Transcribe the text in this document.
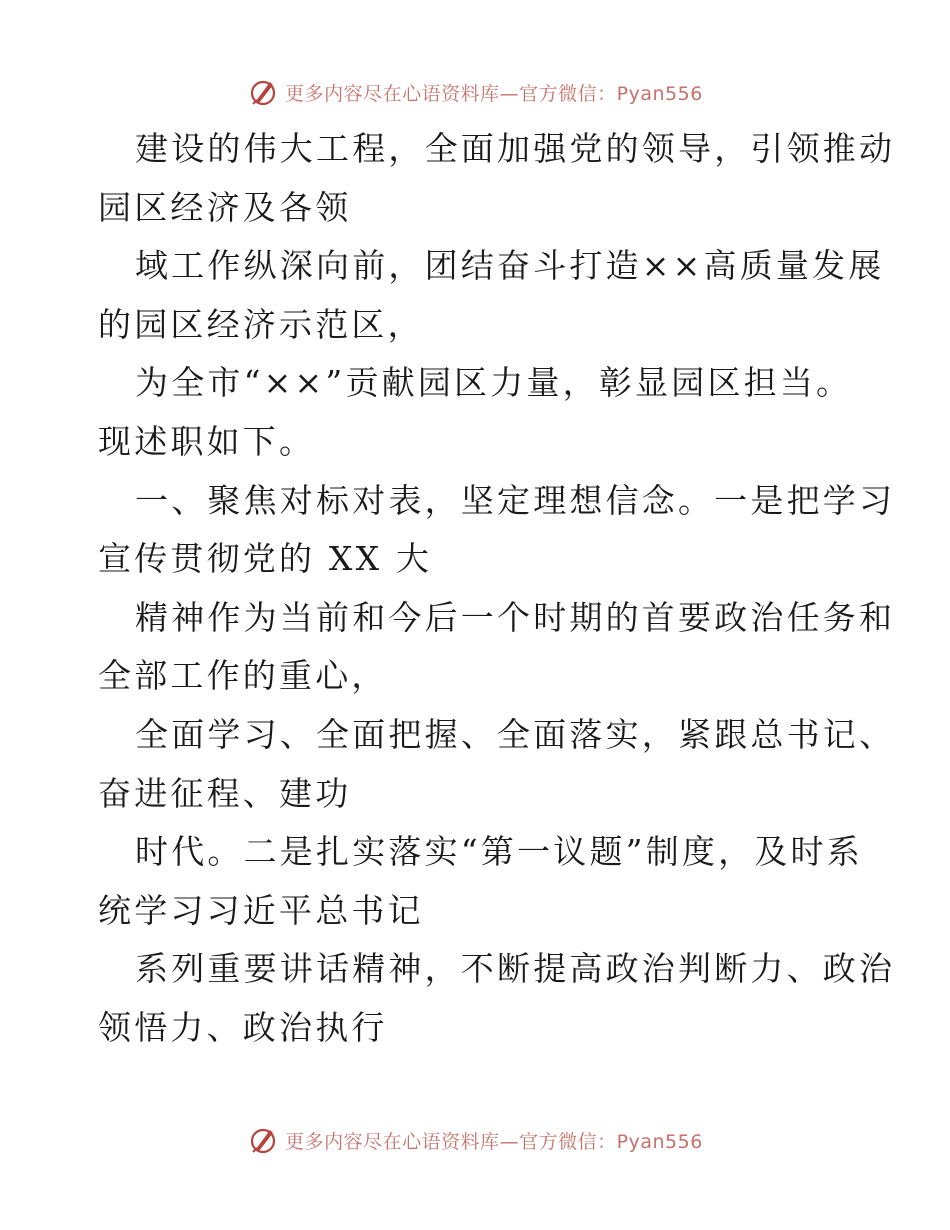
更多内容尽在心语资料库—官方微信：Pyan556
建设的伟大工程，全面加强党的领导，引领推动
园区经济及各领
域工作纵深向前，团结奋斗打造××高质量发展
的园区经济示范区，
为全市“××”贡献园区力量，彰显园区担当。
现述职如下。
一、聚焦对标对表，坚定理想信念。一是把学习
宣传贯彻党的 XX 大
精神作为当前和今后一个时期的首要政治任务和
全部工作的重心，
全面学习、全面把握、全面落实，紧跟总书记、
奋进征程、建功
时代。二是扎实落实“第一议题”制度，及时系
统学习习近平总书记
系列重要讲话精神，不断提高政治判断力、政治
领悟力、政治执行
更多内容尽在心语资料库—官方微信：Pyan556
